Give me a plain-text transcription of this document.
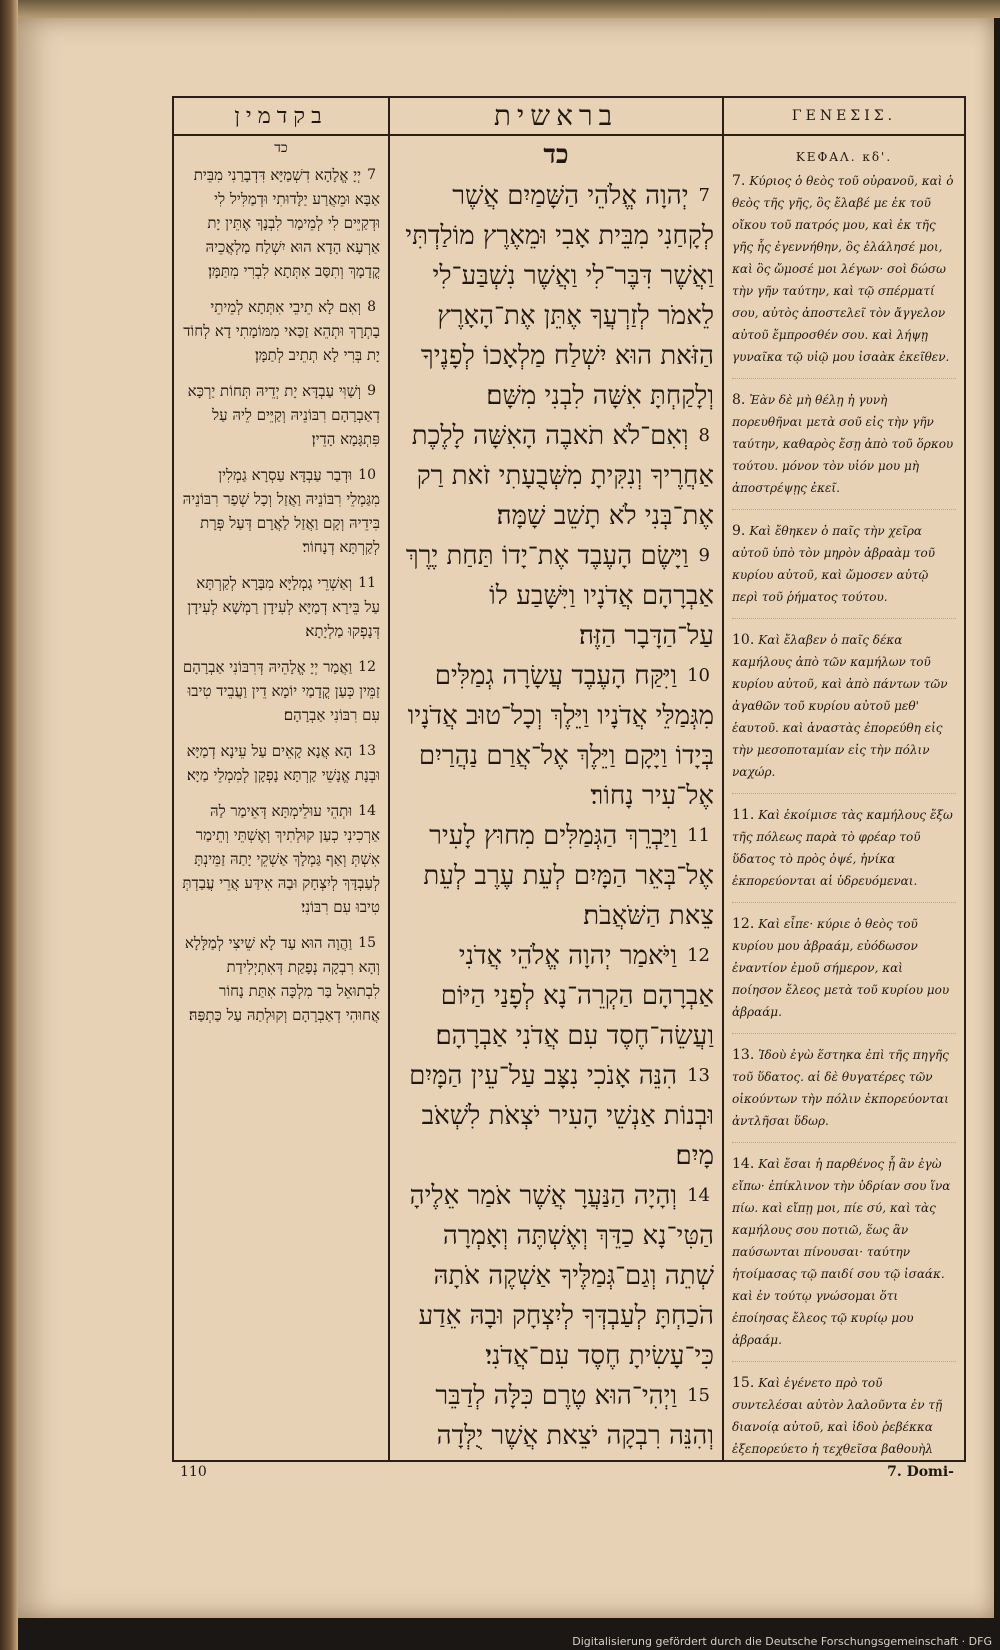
בקדמין
כד
7
יְיָ אֱלָהָא דִשְׁמַיָּא דִּדְבָרַנִי מִבֵּית אַבָּא וּמֵאֲרַע יַלָּדוּתִי וּדְמַלִּיל לִי וּדְקַיֵּים לִי לְמֵימַר לִבְנָךְ אֶתֵּין יָת אַרְעָא הָדָא הוּא יִשְׁלַח מַלְאֲכֵיהּ קֳדָמָךְ וְתִסַּב אִתְּתָא לִבְרִי מִתַּמָּן׃
8
וְאִם לָא תֵיבֵי אִתְּתָא לְמֵיתֵי בָתְרָךְ וּתְהֵא זַכַּאי מִמּוֹמָתִי דָא לְחוֹד יָת בְּרִי לָא תְתֵיב לְתַמָּן׃
9
וְשַׁוִּי עַבְדָּא יָת יְדֵיהּ תְּחוֹת יַרְכָּא דְאַבְרָהָם רִבּוֹנֵיהּ וְקַיֵּים לֵיהּ עַל פִּתְגָּמָא הָדֵין׃
10
וּדְבַר עַבְדָּא עַסְרָא גַמְלִין מִגַּמְלֵי רִבּוֹנֵיהּ וַאֲזַל וְכָל שְׁפַר רִבּוֹנֵיהּ בִּידֵיהּ וְקָם וַאֲזַל לַאֲרָם דְּעַל פְּרָת לְקַרְתָּא דְנָחוֹר׃
11
וְאַשְׁרֵי גַמְלַיָּא מִבָּרָא לְקַרְתָּא עַל בֵּירָא דְמַיָּא לְעִידָן רַמְשָׁא לְעִידָן דְּנָפְקוּ מַלְיָתָא׃
12
וַאֲמַר יְיָ אֱלָהֵיהּ דְּרִבּוֹנִי אַבְרָהָם זַמֵּין כְּעַן קֳדָמַי יוֹמָא דֵין וַעֲבֵיד טִיבוּ עִם רִבּוֹנִי אַבְרָהָם׃
13
הָא אֲנָא קָאֵים עַל עֵינָא דְמַיָּא וּבְנָת אֱנָשֵׁי קַרְתָּא נָפְקָן לְמִמְלֵי מַיָּא׃
14
וּתְהֵי עוּלֵימְתָּא דְּאֵימַר לַהּ אַרְכִינִי כְעַן קוּלְתִיךְ וְאֶשְׁתֵּי וְתֵימַר אִשְׁתְּ וְאַף גַּמְלָךְ אַשְׁקֵי יָתַהּ זַמֵּינְתָּ לְעַבְדָּךְ לְיִצְחָק וּבַהּ אִידַּע אֲרֵי עֲבַדְתְּ טִיבוּ עִם רִבּוֹנִי׃
15
וַהֲוָה הוּא עַד לָא שֵׁיצִי לְמַלָּלָא וְהָא רִבְקָה נְפָקַת דְּאִתְיְלִידַת לִבְתוּאֵל בַּר מִלְכָּה אִתַּת נָחוֹר אֲחוּהִי דְאַבְרָהָם וְקוּלְתַהּ עַל כַּתְפַּהּ׃
בראשית
כד
7
יְהוָה אֱלֹהֵי הַשָּׁמַיִם אֲשֶׁר לְקָחַנִי מִבֵּית אָבִי וּמֵאֶרֶץ מוֹלַדְתִּי וַאֲשֶׁר דִּבֶּר־לִי וַאֲשֶׁר נִשְׁבַּע־לִי לֵאמֹר לְזַרְעֲךָ אֶתֵּן אֶת־הָאָרֶץ הַזֹּאת הוּא יִשְׁלַח מַלְאָכוֹ לְפָנֶיךָ וְלָקַחְתָּ אִשָּׁה לִבְנִי מִשָּׁם׃
8
וְאִם־לֹא תֹאבֶה הָאִשָּׁה לָלֶכֶת אַחֲרֶיךָ וְנִקִּיתָ מִשְּׁבֻעָתִי זֹאת רַק אֶת־בְּנִי לֹא תָשֵׁב שָׁמָּה׃
9
וַיָּשֶׂם הָעֶבֶד אֶת־יָדוֹ תַּחַת יֶרֶךְ אַבְרָהָם אֲדֹנָיו וַיִּשָּׁבַע לוֹ עַל־הַדָּבָר הַזֶּה׃
10
וַיִּקַּח הָעֶבֶד עֲשָׂרָה גְמַלִּים מִגְּמַלֵּי אֲדֹנָיו וַיֵּלֶךְ וְכָל־טוּב אֲדֹנָיו בְּיָדוֹ וַיָּקָם וַיֵּלֶךְ אֶל־אֲרַם נַהֲרַיִם אֶל־עִיר נָחוֹר׃
11
וַיַּבְרֵךְ הַגְּמַלִּים מִחוּץ לָעִיר אֶל־בְּאֵר הַמָּיִם לְעֵת עֶרֶב לְעֵת צֵאת הַשֹּׁאֲבֹת׃
12
וַיֹּאמַר יְהוָה אֱלֹהֵי אֲדֹנִי אַבְרָהָם הַקְרֵה־נָא לְפָנַי הַיּוֹם וַעֲשֵׂה־חֶסֶד עִם אֲדֹנִי אַבְרָהָם׃
13
הִנֵּה אָנֹכִי נִצָּב עַל־עֵין הַמָּיִם וּבְנוֹת אַנְשֵׁי הָעִיר יֹצְאֹת לִשְׁאֹב מָיִם׃
14
וְהָיָה הַנַּעֲרָ אֲשֶׁר אֹמַר אֵלֶיהָ הַטִּי־נָא כַדֵּךְ וְאֶשְׁתֶּה וְאָמְרָה שְׁתֵה וְגַם־גְּמַלֶּיךָ אַשְׁקֶה אֹתָהּ הֹכַחְתָּ לְעַבְדְּךָ לְיִצְחָק וּבָהּ אֵדַע כִּי־עָשִׂיתָ חֶסֶד עִם־אֲדֹנִי׃
15
וַיְהִי־הוּא טֶרֶם כִּלָּה לְדַבֵּר וְהִנֵּה רִבְקָה יֹצֵאת אֲשֶׁר יֻלְּדָה
ΓΕΝΕΣΙΣ.
ΚΕΦΑΛ. κδ'.
7. Κύριος ὁ θεὸς τοῦ οὐρανοῦ, καὶ ὁ θεὸς τῆς γῆς, ὃς ἔλαβέ με ἐκ τοῦ οἴκου τοῦ πατρός μου, καὶ ἐκ τῆς γῆς ἧς ἐγεννήθην, ὃς ἐλάλησέ μοι, καὶ ὃς ὤμοσέ μοι λέγων· σοὶ δώσω τὴν γῆν ταύτην, καὶ τῷ σπέρματί σου, αὐτὸς ἀποστελεῖ τὸν ἄγγελον αὐτοῦ ἔμπροσθέν σου. καὶ λήψῃ γυναῖκα τῷ υἱῷ μου ἰσαὰκ ἐκεῖθεν.
8. Ἐὰν δὲ μὴ θέλῃ ἡ γυνὴ πορευθῆναι μετὰ σοῦ εἰς τὴν γῆν ταύτην, καθαρὸς ἔσῃ ἀπὸ τοῦ ὅρκου τούτου. μόνον τὸν υἱόν μου μὴ ἀποστρέψῃς ἐκεῖ.
9. Καὶ ἔθηκεν ὁ παῖς τὴν χεῖρα αὐτοῦ ὑπὸ τὸν μηρὸν ἀβραὰμ τοῦ κυρίου αὐτοῦ, καὶ ὤμοσεν αὐτῷ περὶ τοῦ ῥήματος τούτου.
10. Καὶ ἔλαβεν ὁ παῖς δέκα καμήλους ἀπὸ τῶν καμήλων τοῦ κυρίου αὐτοῦ, καὶ ἀπὸ πάντων τῶν ἀγαθῶν τοῦ κυρίου αὐτοῦ μεθ' ἑαυτοῦ. καὶ ἀναστὰς ἐπορεύθη εἰς τὴν μεσοποταμίαν εἰς τὴν πόλιν ναχώρ.
11. Καὶ ἐκοίμισε τὰς καμήλους ἔξω τῆς πόλεως παρὰ τὸ φρέαρ τοῦ ὕδατος τὸ πρὸς ὀψέ, ἡνίκα ἐκπορεύονται αἱ ὑδρευόμεναι.
12. Καὶ εἶπε· κύριε ὁ θεὸς τοῦ κυρίου μου ἀβραάμ, εὐόδωσον ἐναντίον ἐμοῦ σήμερον, καὶ ποίησον ἔλεος μετὰ τοῦ κυρίου μου ἀβραάμ.
13. Ἰδοὺ ἐγὼ ἕστηκα ἐπὶ τῆς πηγῆς τοῦ ὕδατος. αἱ δὲ θυγατέρες τῶν οἰκούντων τὴν πόλιν ἐκπορεύονται ἀντλῆσαι ὕδωρ.
14. Καὶ ἔσαι ἡ παρθένος ᾗ ἂν ἐγὼ εἴπω· ἐπίκλινον τὴν ὑδρίαν σου ἵνα πίω. καὶ εἴπῃ μοι, πίε σύ, καὶ τὰς καμήλους σου ποτιῶ, ἕως ἂν παύσωνται πίνουσαι· ταύτην ἡτοίμασας τῷ παιδί σου τῷ ἰσαάκ. καὶ ἐν τούτῳ γνώσομαι ὅτι ἐποίησας ἔλεος τῷ κυρίῳ μου ἀβραάμ.
15. Καὶ ἐγένετο πρὸ τοῦ συντελέσαι αὐτὸν λαλοῦντα ἐν τῇ διανοίᾳ αὐτοῦ, καὶ ἰδοὺ ῥεβέκκα ἐξεπορεύετο ἡ τεχθεῖσα βαθουὴλ
110	7. Domi-
Digitalisierung gefördert durch die Deutsche Forschungsgemeinschaft · DFG
